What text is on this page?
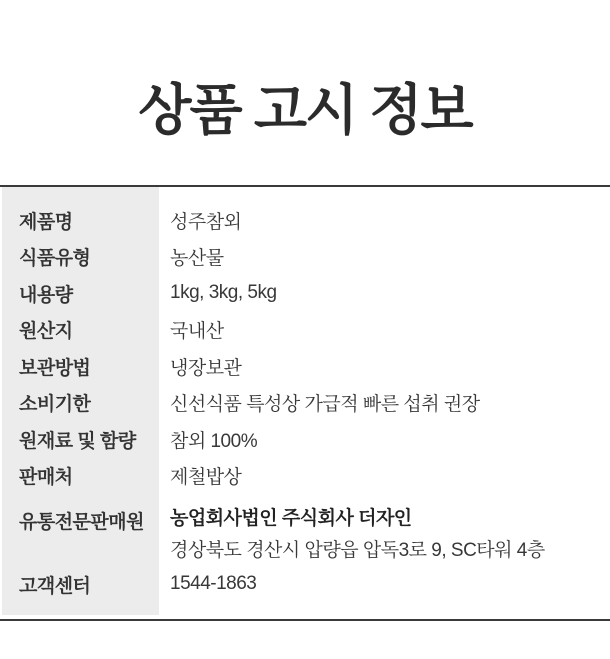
상품 고시 정보
제품명	성주참외
식품유형	농산물
내용량	1kg, 3kg, 5kg
원산지	국내산
보관방법	냉장보관
소비기한	신선식품 특성상 가급적 빠른 섭취 권장
원재료 및 함량	참외 100%
판매처	제철밥상
유통전문판매원	농업회사법인 주식회사 더자인
경상북도 경산시 압량읍 압독3로 9, SC타워 4층
고객센터	1544-1863
